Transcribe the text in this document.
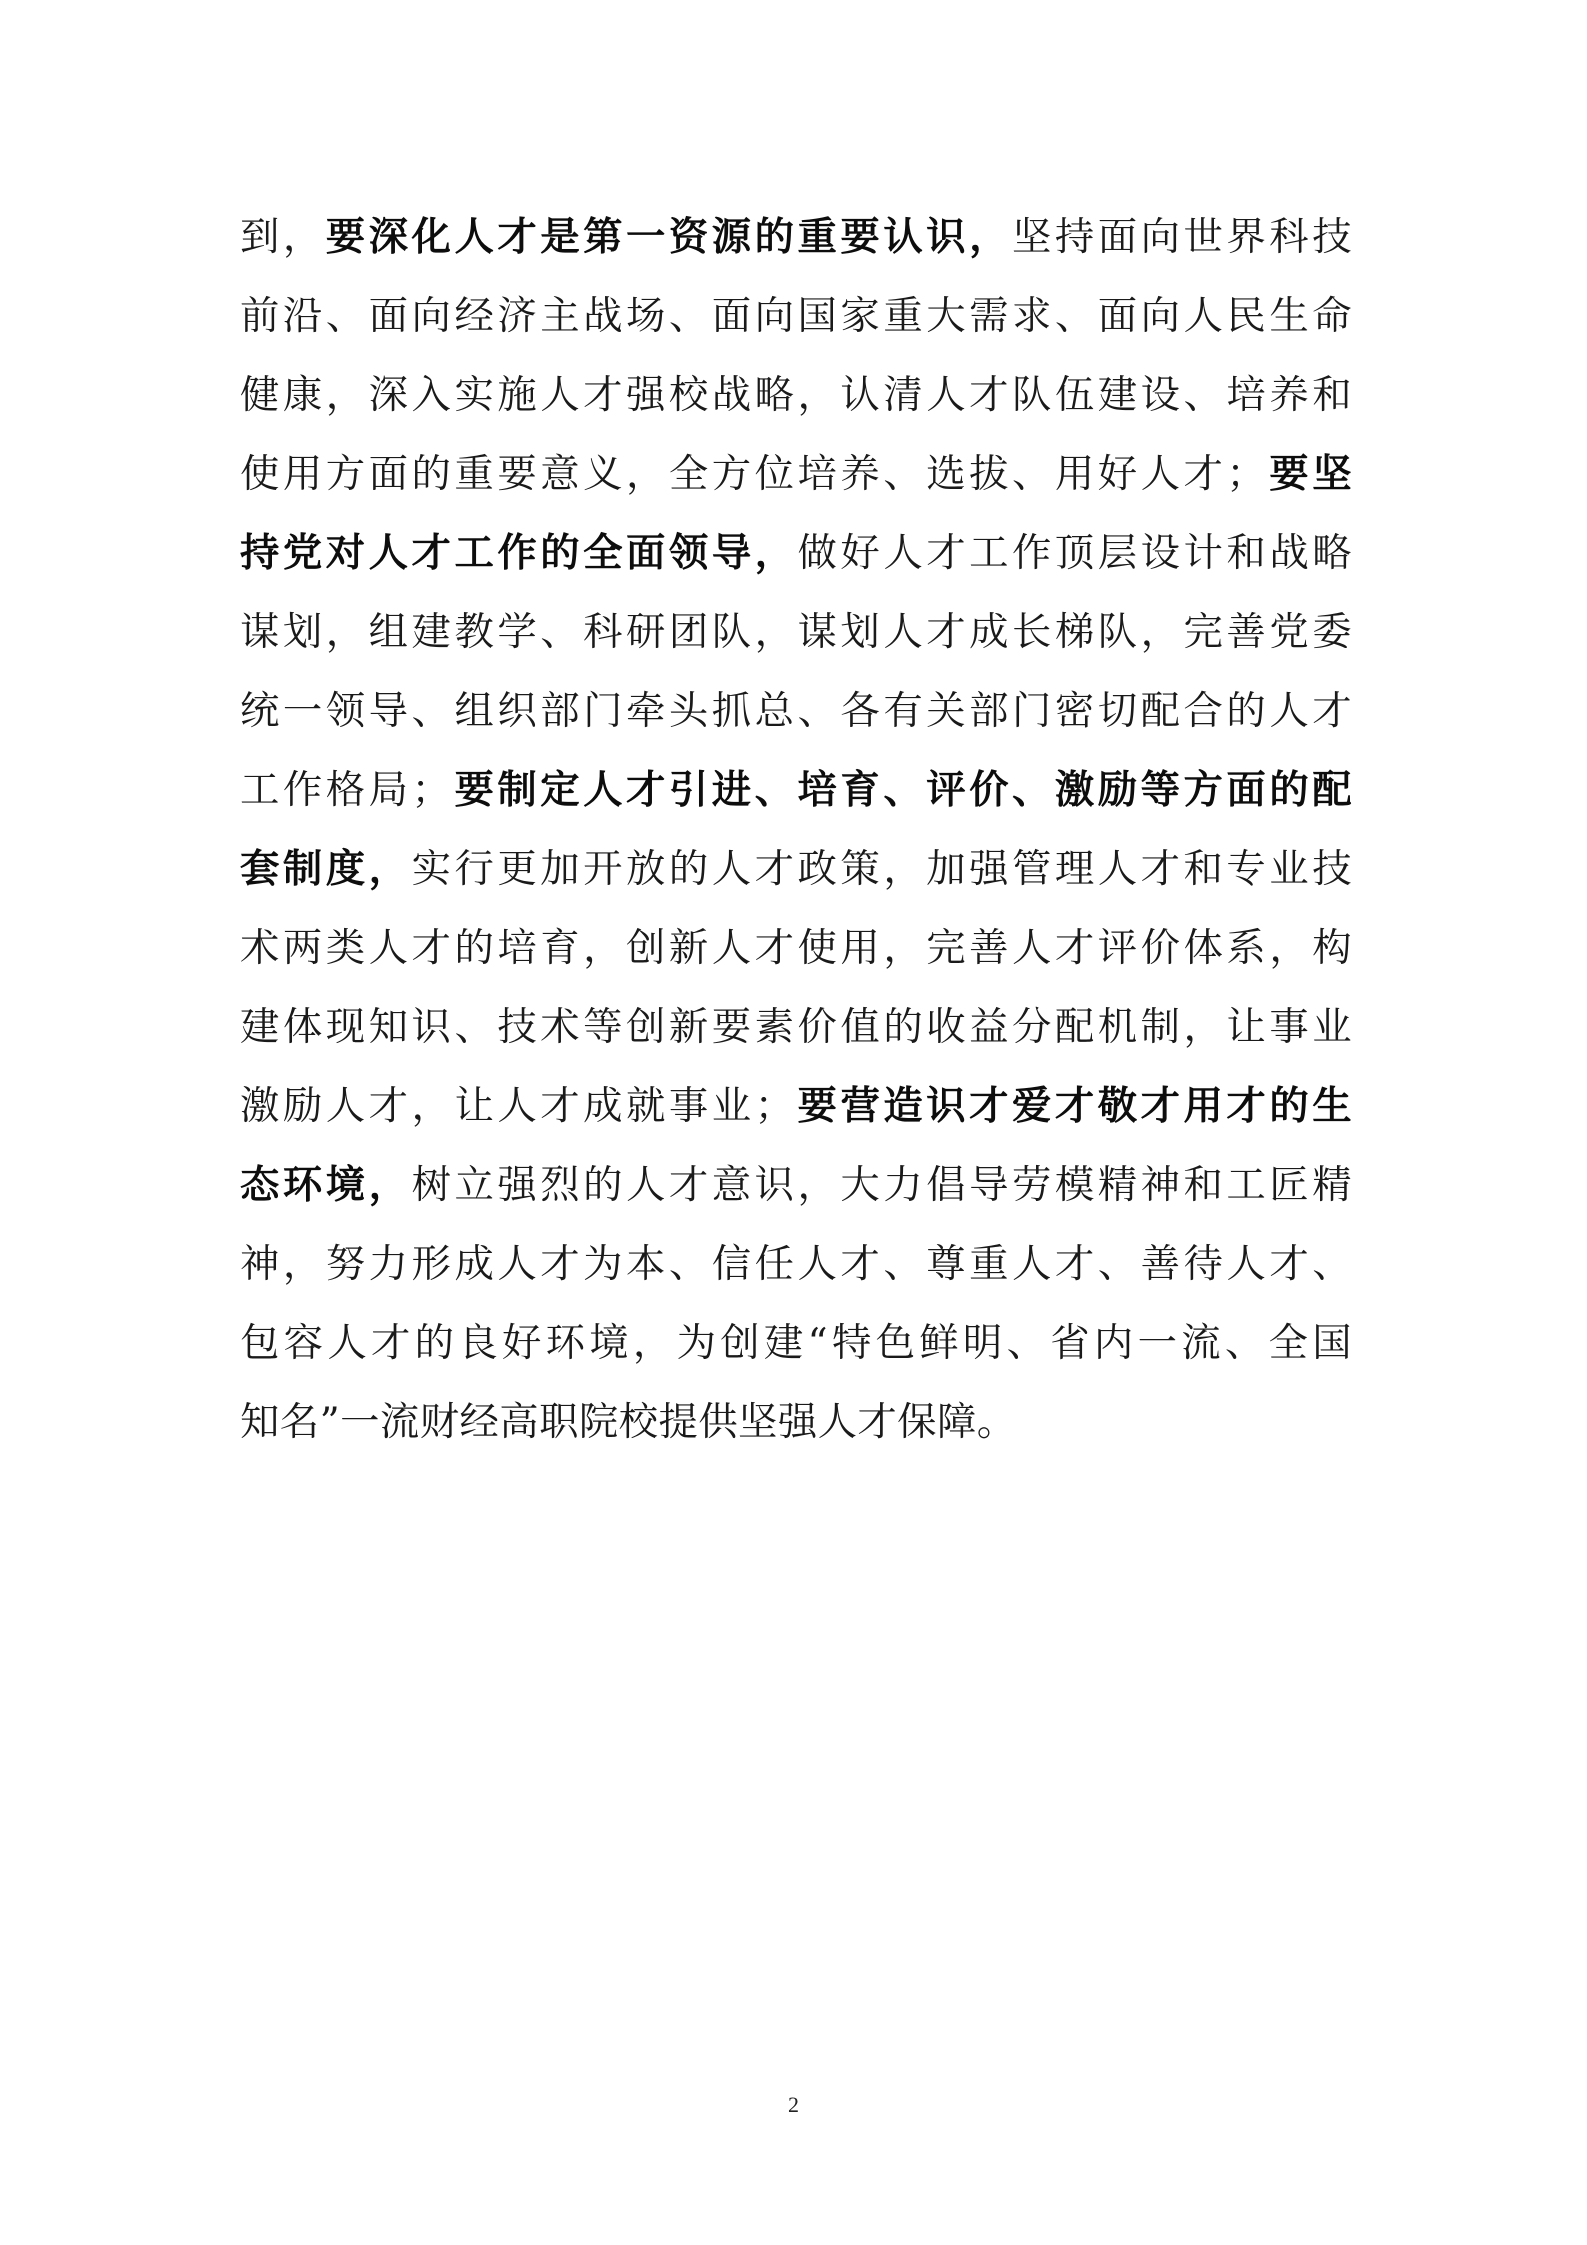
到，要深化人才是第一资源的重要认识，坚持面向世界科技
前沿、面向经济主战场、面向国家重大需求、面向人民生命
健康，深入实施人才强校战略，认清人才队伍建设、培养和
使用方面的重要意义，全方位培养、选拔、用好人才；要坚
持党对人才工作的全面领导，做好人才工作顶层设计和战略
谋划，组建教学、科研团队，谋划人才成长梯队，完善党委
统一领导、组织部门牵头抓总、各有关部门密切配合的人才
工作格局；要制定人才引进、培育、评价、激励等方面的配
套制度，实行更加开放的人才政策，加强管理人才和专业技
术两类人才的培育，创新人才使用，完善人才评价体系，构
建体现知识、技术等创新要素价值的收益分配机制，让事业
激励人才，让人才成就事业；要营造识才爱才敬才用才的生
态环境，树立强烈的人才意识，大力倡导劳模精神和工匠精
神，努力形成人才为本、信任人才、尊重人才、善待人才、
包容人才的良好环境，为创建“特色鲜明、省内一流、全国
知名”一流财经高职院校提供坚强人才保障。
2
